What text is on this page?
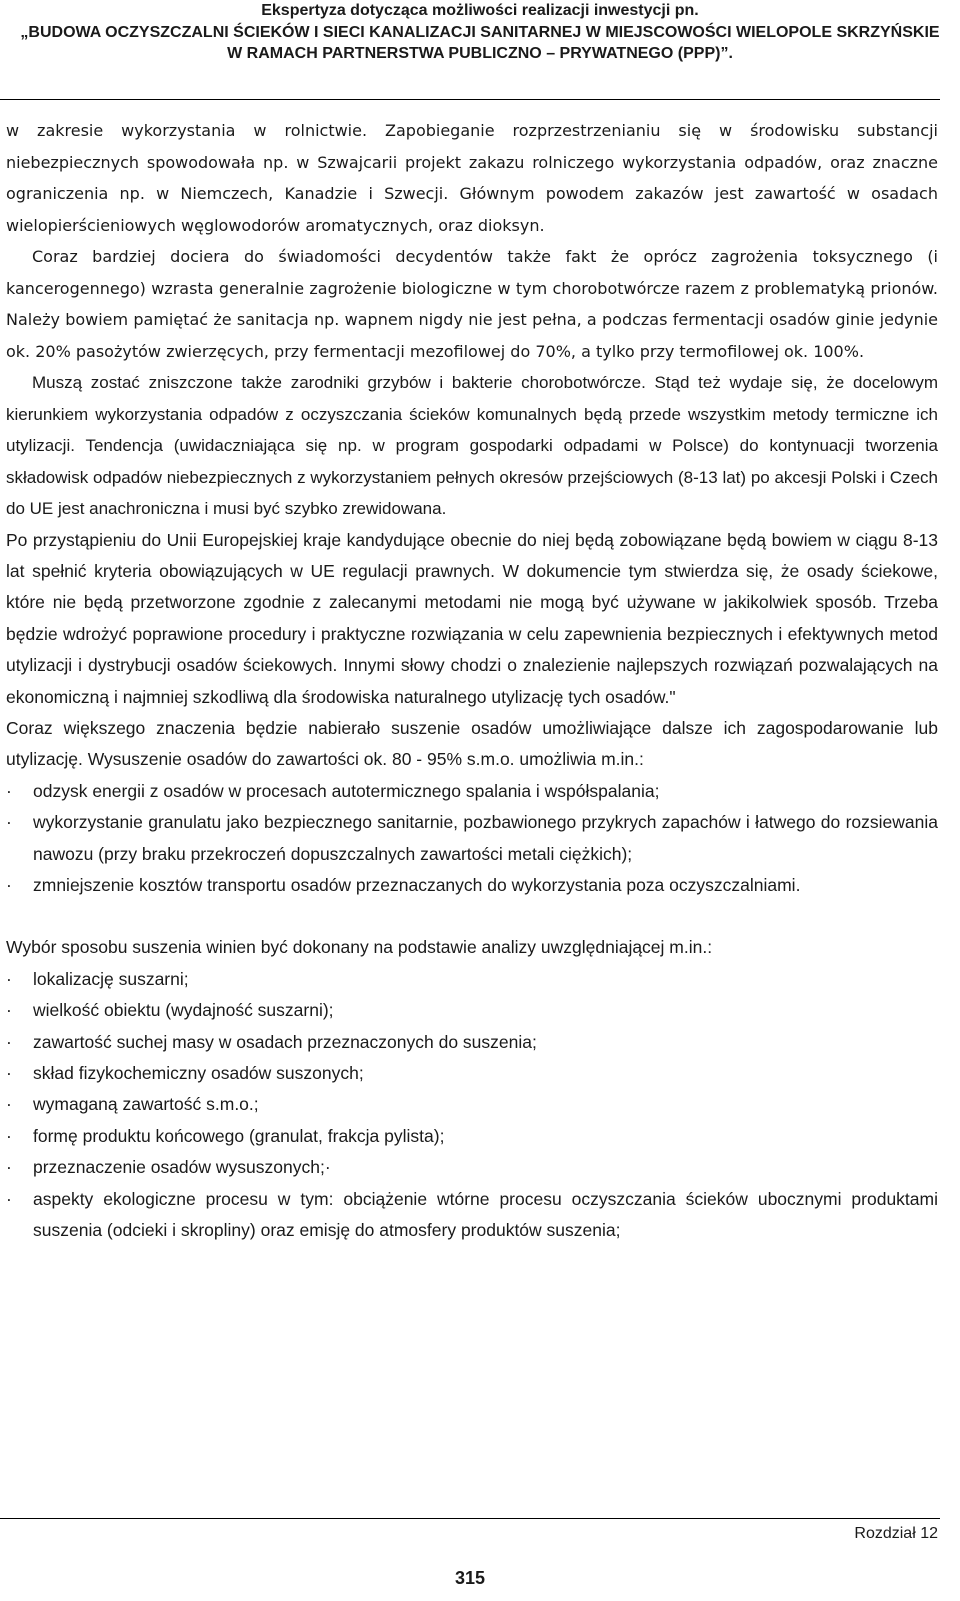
Ekspertyza dotycząca możliwości realizacji inwestycji pn.
„BUDOWA OCZYSZCZALNI ŚCIEKÓW I SIECI KANALIZACJI SANITARNEJ W MIEJSCOWOŚCI WIELOPOLE SKRZYŃSKIE
W RAMACH PARTNERSTWA PUBLICZNO – PRYWATNEGO (PPP)”.

w zakresie wykorzystania w rolnictwie. Zapobieganie rozprzestrzenianiu się w środowisku substancji niebezpiecznych spowodowała np. w Szwajcarii projekt zakazu rolniczego wykorzystania odpadów, oraz znaczne ograniczenia np. w Niemczech, Kanadzie i Szwecji. Głównym powodem zakazów jest zawartość w osadach wielopierścieniowych węglowodorów aromatycznych, oraz dioksyn.

Coraz bardziej dociera do świadomości decydentów także fakt że oprócz zagrożenia toksycznego (i kancerogennego) wzrasta generalnie zagrożenie biologiczne w tym chorobotwórcze razem z problematyką prionów. Należy bowiem pamiętać że sanitacja np. wapnem nigdy nie jest pełna, a podczas fermentacji osadów ginie jedynie ok. 20% pasożytów zwierzęcych, przy fermentacji mezofilowej do 70%, a tylko przy termofilowej ok. 100%.

Muszą zostać zniszczone także zarodniki grzybów i bakterie chorobotwórcze. Stąd też wydaje się, że docelowym kierunkiem wykorzystania odpadów z oczyszczania ścieków komunalnych będą przede wszystkim metody termiczne ich utylizacji. Tendencja (uwidaczniająca się np. w program gospodarki odpadami w Polsce) do kontynuacji tworzenia składowisk odpadów niebezpiecznych z wykorzystaniem pełnych okresów przejściowych (8-13 lat) po akcesji Polski i Czech do UE jest anachroniczna i musi być szybko zrewidowana.

Po przystąpieniu do Unii Europejskiej kraje kandydujące obecnie do niej będą zobowiązane będą bowiem w ciągu 8-13 lat spełnić kryteria obowiązujących w UE regulacji prawnych. W dokumencie tym stwierdza się, że osady ściekowe, które nie będą przetworzone zgodnie z zalecanymi metodami nie mogą być używane w jakikolwiek sposób. Trzeba będzie wdrożyć poprawione procedury i praktyczne rozwiązania w celu zapewnienia bezpiecznych i efektywnych metod utylizacji i dystrybucji osadów ściekowych. Innymi słowy chodzi o znalezienie najlepszych rozwiązań pozwalających na ekonomiczną i najmniej szkodliwą dla środowiska naturalnego utylizację tych osadów."

Coraz większego znaczenia będzie nabierało suszenie osadów umożliwiające dalsze ich zagospodarowanie lub utylizację. Wysuszenie osadów do zawartości ok. 80 - 95% s.m.o. umożliwia m.in.:

· odzysk energii z osadów w procesach autotermicznego spalania i współspalania;
· wykorzystanie granulatu jako bezpiecznego sanitarnie, pozbawionego przykrych zapachów i łatwego do rozsiewania nawozu (przy braku przekroczeń dopuszczalnych zawartości metali ciężkich);
· zmniejszenie kosztów transportu osadów przeznaczanych do wykorzystania poza oczyszczalniami.

Wybór sposobu suszenia winien być dokonany na podstawie analizy uwzględniającej m.in.:

· lokalizację suszarni;
· wielkość obiektu (wydajność suszarni);
· zawartość suchej masy w osadach przeznaczonych do suszenia;
· skład fizykochemiczny osadów suszonych;
· wymaganą zawartość s.m.o.;
· formę produktu końcowego (granulat, frakcja pylista);
· przeznaczenie osadów wysuszonych;·
· aspekty ekologiczne procesu w tym: obciążenie wtórne procesu oczyszczania ścieków ubocznymi produktami suszenia (odcieki i skropliny) oraz emisję do atmosfery produktów suszenia;
Rozdział 12
315
